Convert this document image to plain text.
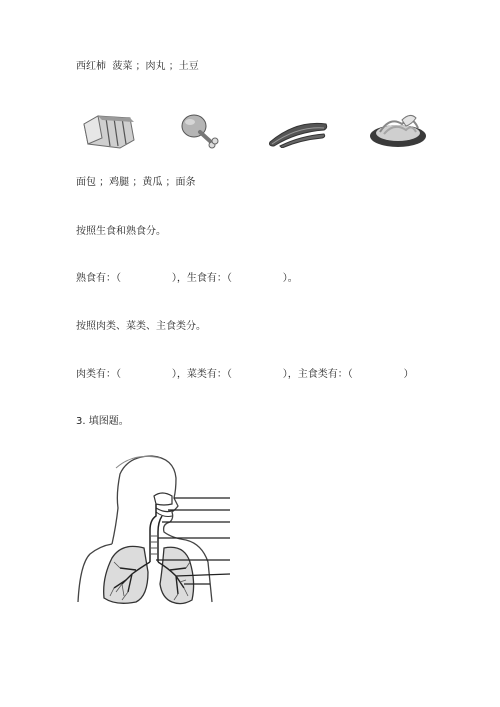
西红柿  菠菜 ；肉丸 ；土豆
面包 ；鸡腿 ；黄瓜 ；面条
按照生食和熟食分。
熟食有：（                ），生食有：（                ）。
按照肉类、菜类、主食类分。
肉类有：（                ），菜类有：（                ），主食类有：（                ）
3. 填图题。
